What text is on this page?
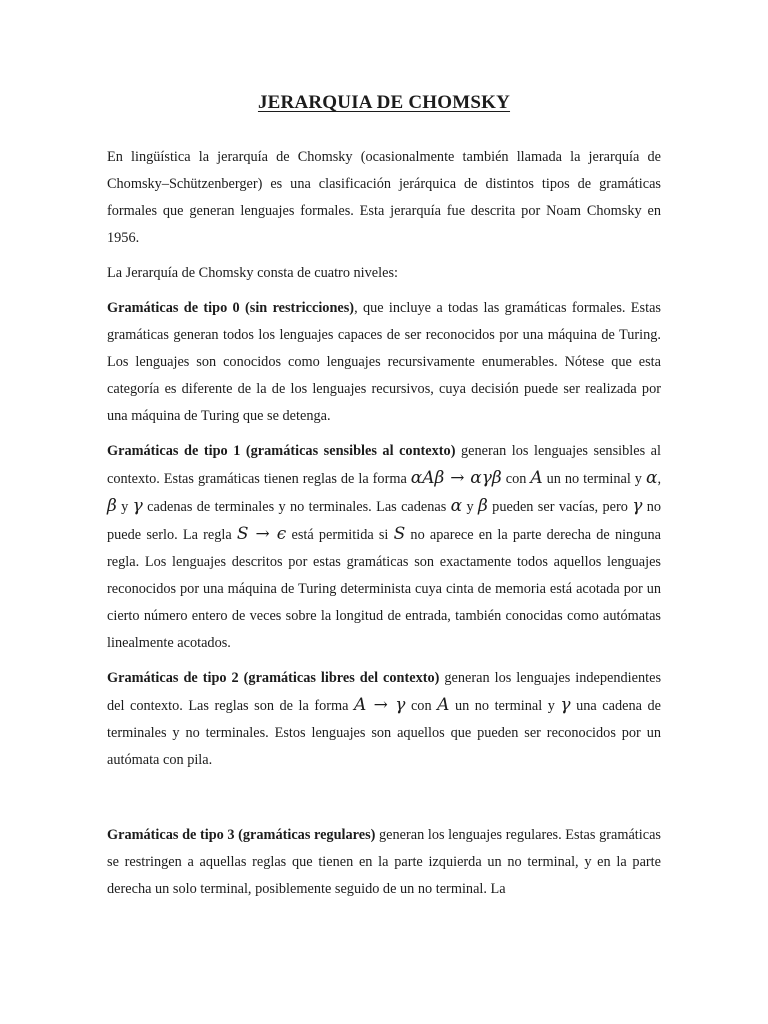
JERARQUIA DE CHOMSKY

En lingüística la jerarquía de Chomsky (ocasionalmente también llamada la jerarquía de Chomsky–Schützenberger) es una clasificación jerárquica de distintos tipos de gramáticas formales que generan lenguajes formales. Esta jerarquía fue descrita por Noam Chomsky en 1956.

La Jerarquía de Chomsky consta de cuatro niveles:

Gramáticas de tipo 0 (sin restricciones), que incluye a todas las gramáticas formales. Estas gramáticas generan todos los lenguajes capaces de ser reconocidos por una máquina de Turing. Los lenguajes son conocidos como lenguajes recursivamente enumerables. Nótese que esta categoría es diferente de la de los lenguajes recursivos, cuya decisión puede ser realizada por una máquina de Turing que se detenga.

Gramáticas de tipo 1 (gramáticas sensibles al contexto) generan los lenguajes sensibles al contexto. Estas gramáticas tienen reglas de la forma αAβ → αγβ con A un no terminal y α, β y γ cadenas de terminales y no terminales. Las cadenas α y β pueden ser vacías, pero γ no puede serlo. La regla S → ϵ está permitida si S no aparece en la parte derecha de ninguna regla. Los lenguajes descritos por estas gramáticas son exactamente todos aquellos lenguajes reconocidos por una máquina de Turing determinista cuya cinta de memoria está acotada por un cierto número entero de veces sobre la longitud de entrada, también conocidas como autómatas linealmente acotados.

Gramáticas de tipo 2 (gramáticas libres del contexto) generan los lenguajes independientes del contexto. Las reglas son de la forma A → γ con A un no terminal y γ una cadena de terminales y no terminales. Estos lenguajes son aquellos que pueden ser reconocidos por un autómata con pila.

Gramáticas de tipo 3 (gramáticas regulares) generan los lenguajes regulares. Estas gramáticas se restringen a aquellas reglas que tienen en la parte izquierda un no terminal, y en la parte derecha un solo terminal, posiblemente seguido de un no terminal. La
